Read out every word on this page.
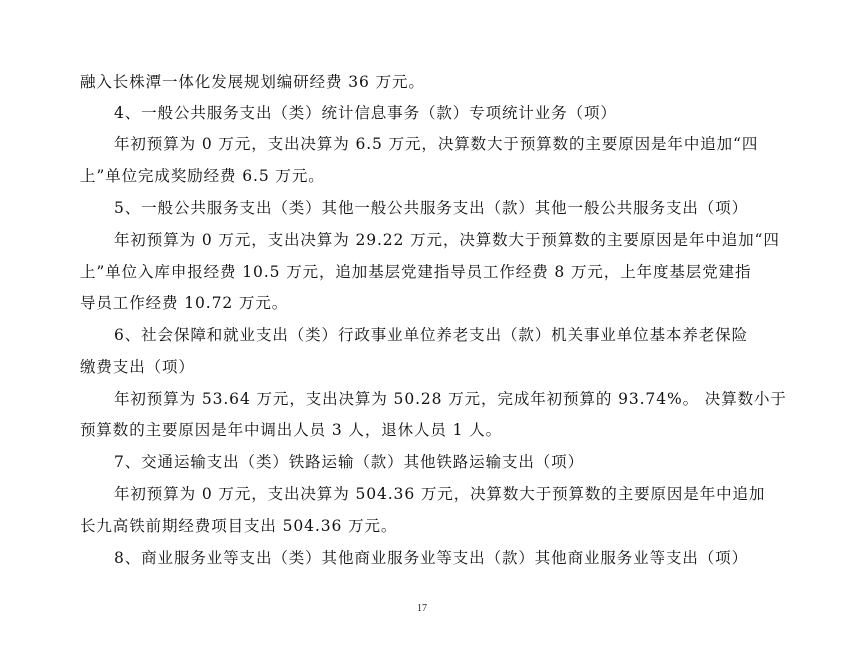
融入长株潭一体化发展规划编研经费 36 万元。
4、一般公共服务支出（类）统计信息事务（款）专项统计业务（项）
年初预算为 0 万元，支出决算为 6.5 万元，决算数大于预算数的主要原因是年中追加“四
上”单位完成奖励经费 6.5 万元。
5、一般公共服务支出（类）其他一般公共服务支出（款）其他一般公共服务支出（项）
年初预算为 0 万元，支出决算为 29.22 万元，决算数大于预算数的主要原因是年中追加“四
上”单位入库申报经费 10.5 万元，追加基层党建指导员工作经费 8 万元，上年度基层党建指
导员工作经费 10.72 万元。
6、社会保障和就业支出（类）行政事业单位养老支出（款）机关事业单位基本养老保险
缴费支出（项）
年初预算为 53.64 万元，支出决算为 50.28 万元，完成年初预算的 93.74%。 决算数小于
预算数的主要原因是年中调出人员 3 人，退休人员 1 人。
7、交通运输支出（类）铁路运输（款）其他铁路运输支出（项）
年初预算为 0 万元，支出决算为 504.36 万元，决算数大于预算数的主要原因是年中追加
长九高铁前期经费项目支出 504.36 万元。
8、商业服务业等支出（类）其他商业服务业等支出（款）其他商业服务业等支出（项）
17
